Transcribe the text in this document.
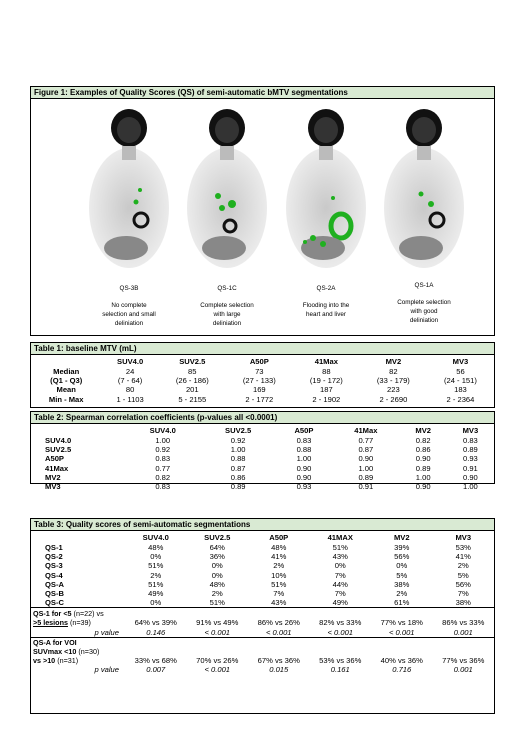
Figure 1: Examples of Quality Scores (QS) of semi-automatic bMTV segmentations
QS-3B
No complete
selection and small
deliniation
QS-1C
Complete selection
with large
deliniation
QS-2A
Flooding into the
heart and liver
QS-1A
Complete selection
with good
deliniation
Table 1: baseline MTV (mL)
	SUV4.0	SUV2.5	A50P	41Max	MV2	MV3
Median	24	85	73	88	82	56
(Q1 - Q3)	(7 - 64)	(26 - 186)	(27 - 133)	(19 - 172)	(33 - 179)	(24 - 151)
Mean	80	201	169	187	223	183
Min - Max	1 - 1103	5 - 2155	2 - 1772	2 - 1902	2 - 2690	2 - 2364
Table 2: Spearman correlation coefficients (p-values all <0.0001)
	SUV4.0	SUV2.5	A50P	41Max	MV2	MV3
SUV4.0	1.00	0.92	0.83	0.77	0.82	0.83
SUV2.5	0.92	1.00	0.88	0.87	0.86	0.89
A50P	0.83	0.88	1.00	0.90	0.90	0.93
41Max	0.77	0.87	0.90	1.00	0.89	0.91
MV2	0.82	0.86	0.90	0.89	1.00	0.90
MV3	0.83	0.89	0.93	0.91	0.90	1.00
Table 3: Quality scores of semi-automatic segmentations
	SUV4.0	SUV2.5	A50P	41MAX	MV2	MV3
QS-1	48%	64%	48%	51%	39%	53%
QS-2	0%	36%	41%	43%	56%	41%
QS-3	51%	0%	2%	0%	0%	2%
QS-4	2%	0%	10%	7%	5%	5%
QS-A	51%	48%	51%	44%	38%	56%
QS-B	49%	2%	7%	7%	2%	7%
QS-C	0%	51%	43%	49%	61%	38%
QS-1 for <5 (n=22) vs						
>5 lesions (n=39)	64% vs 39%	91% vs 49%	86% vs 26%	82% vs 33%	77% vs 18%	86% vs 33%
p value	0.146	< 0.001	< 0.001	< 0.001	< 0.001	0.001
QS-A for VOI						
SUVmax <10 (n=30)						
vs >10 (n=31)	33% vs 68%	70% vs 26%	67% vs 36%	53% vs 36%	40% vs 36%	77% vs 36%
p value	0.007	< 0.001	0.015	0.161	0.716	0.001
